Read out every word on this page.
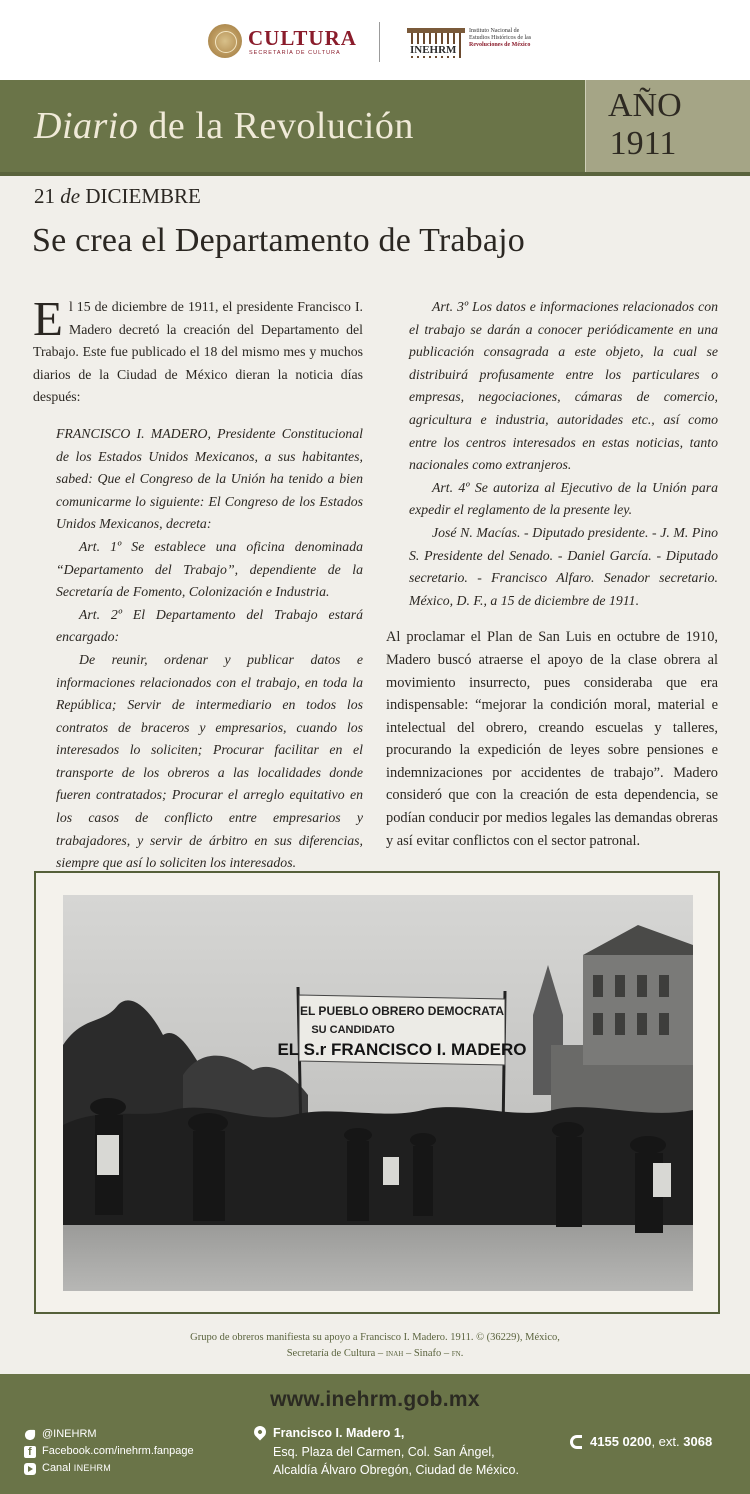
CULTURA
SECRETARÍA DE CULTURA	INEHRM
Instituto Nacional de
Estudios Históricos de las
Revoluciones de México
Diario de la Revolución	AÑO
1911
21 de DICIEMBRE
Se crea el Departamento de Trabajo

El 15 de diciembre de 1911, el presidente Francisco I. Madero decretó la creación del Departamento del Trabajo. Este fue publicado el 18 del mismo mes y muchos diarios de la Ciudad de México dieran la noticia días después:

FRANCISCO I. MADERO, Presidente Constitucional de los Estados Unidos Mexicanos, a sus habitantes, sabed: Que el Congreso de la Unión ha tenido a bien comunicarme lo siguiente: El Congreso de los Estados Unidos Mexicanos, decreta:

Art. 1º Se establece una oficina denominada “Departamento del Trabajo”, dependiente de la Secretaría de Fomento, Colonización e Industria.

Art. 2º El Departamento del Trabajo estará encargado:

De reunir, ordenar y publicar datos e informaciones relacionados con el trabajo, en toda la República; Servir de intermediario en todos los contratos de braceros y empresarios, cuando los interesados lo soliciten; Procurar facilitar en el transporte de los obreros a las localidades donde fueren contratados; Procurar el arreglo equitativo en los casos de conflicto entre empresarios y trabajadores, y servir de árbitro en sus diferencias, siempre que así lo soliciten los interesados.

Art. 3º Los datos e informaciones relacionados con el trabajo se darán a conocer periódicamente en una publicación consagrada a este objeto, la cual se distribuirá profusamente entre los particulares o empresas, negociaciones, cámaras de comercio, agricultura e industria, autoridades etc., así como entre los centros interesados en estas noticias, tanto nacionales como extranjeros.

Art. 4º Se autoriza al Ejecutivo de la Unión para expedir el reglamento de la presente ley.

José N. Macías. - Diputado presidente. - J. M. Pino S. Presidente del Senado. - Daniel García. - Diputado secretario. - Francisco Alfaro. Senador secretario. México, D. F., a 15 de diciembre de 1911.

Al proclamar el Plan de San Luis en octubre de 1910, Madero buscó atraerse el apoyo de la clase obrera al movimiento insurrecto, pues consideraba que era indispensable: “mejorar la condición moral, material e intelectual del obrero, creando escuelas y talleres, procurando la expedición de leyes sobre pensiones e indemnizaciones por accidentes de trabajo”. Madero consideró que con la creación de esta dependencia, se podían conducir por medios legales las demandas obreras y así evitar conflictos con el sector patronal.

EL PUEBLO OBRERO DEMOCRATA
SU CANDIDATO
EL S.r FRANCISCO I. MADERO
Grupo de obreros manifiesta su apoyo a Francisco I. Madero. 1911. © (36229), México,
Secretaría de Cultura – inah – Sinafo – fn.
www.inehrm.gob.mx
@INEHRM
f
Facebook.com/inehrm.fanpage
Canal INEHRM
Francisco I. Madero 1,
Esq. Plaza del Carmen, Col. San Ángel,
Alcaldía Álvaro Obregón, Ciudad de México.
4155 0200, ext. 3068
